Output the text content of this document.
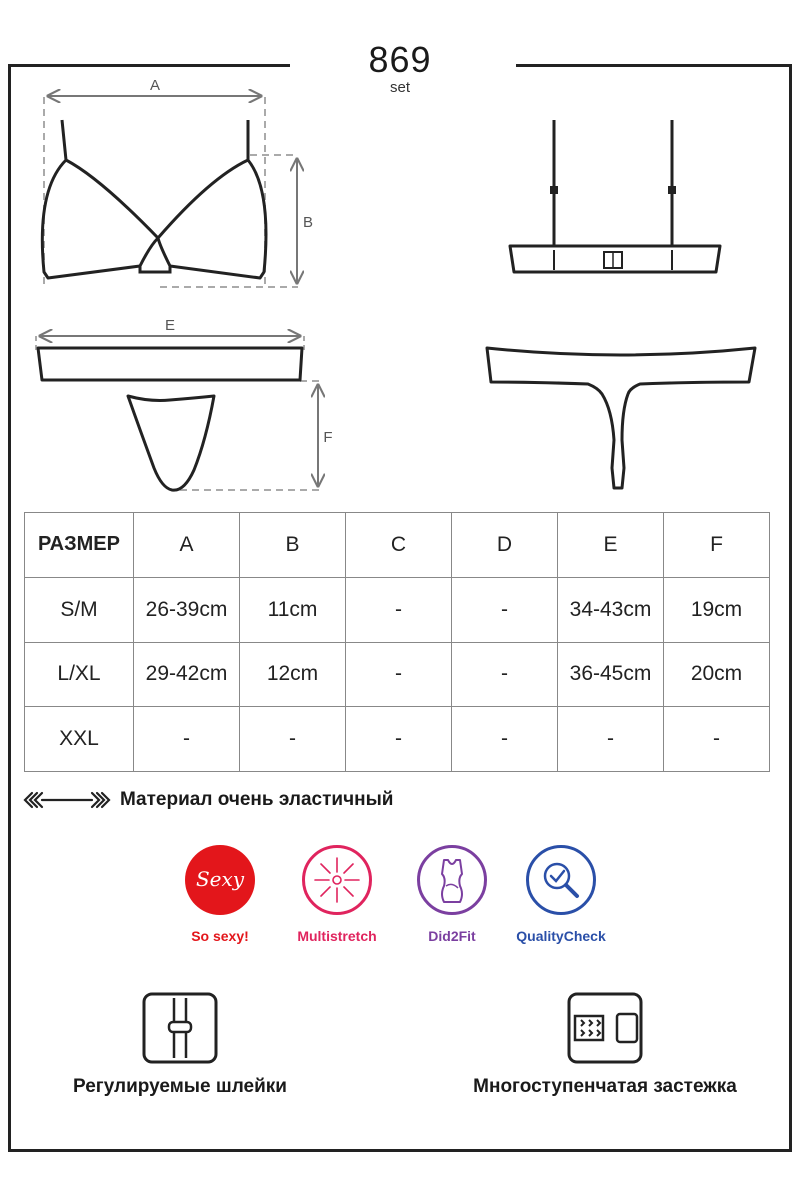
869
set
A
B
E
F
РАЗМЕР	A	B	C	D	E	F
S/M	26-39cm	11cm	-	-	34-43cm	19cm
L/XL	29-42cm	12cm	-	-	36-45cm	20cm
XXL	-	-	-	-	-	-
Материал очень эластичный
Sexy
So sexy!	Multistretch	Did2Fit	QualityCheck
Регулируемые шлейки	Многоступенчатая застежка
